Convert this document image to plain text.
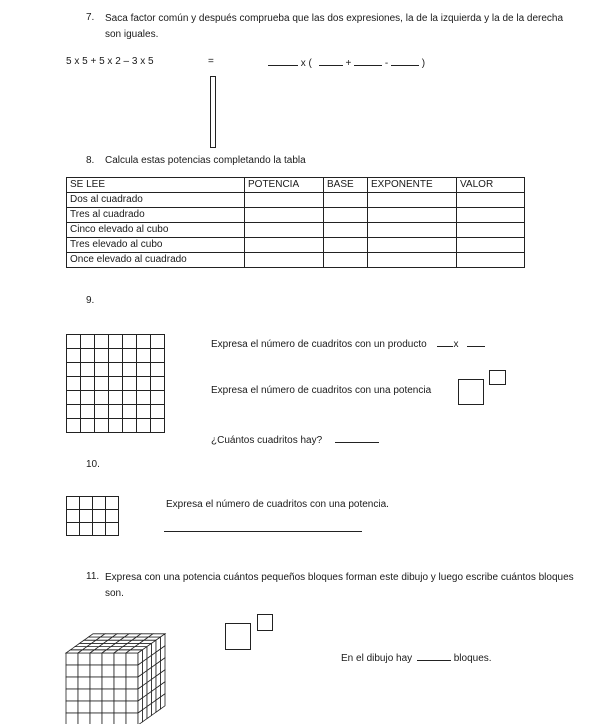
7. Saca factor común y después comprueba que las dos expresiones, la de la izquierda y la de la derecha son iguales.
5 x 5 + 5 x 2 – 3 x 5	=	x (	+	-	)
8. Calcula estas potencias completando la tabla
SE LEE	POTENCIA	BASE	EXPONENTE	VALOR
Dos al cuadrado				
Tres al cuadrado				
Cinco elevado al cubo				
Tres elevado al cubo				
Once elevado al cuadrado				
9.
Expresa el número de cuadritos con un producto	x
Expresa el número de cuadritos con una potencia
¿Cuántos cuadritos hay?
10.
Expresa el número de cuadritos con una potencia.
11. Expresa con una potencia cuántos pequeños bloques forman este dibujo y luego escribe cuántos bloques son.
En el dibujo hay	bloques.
